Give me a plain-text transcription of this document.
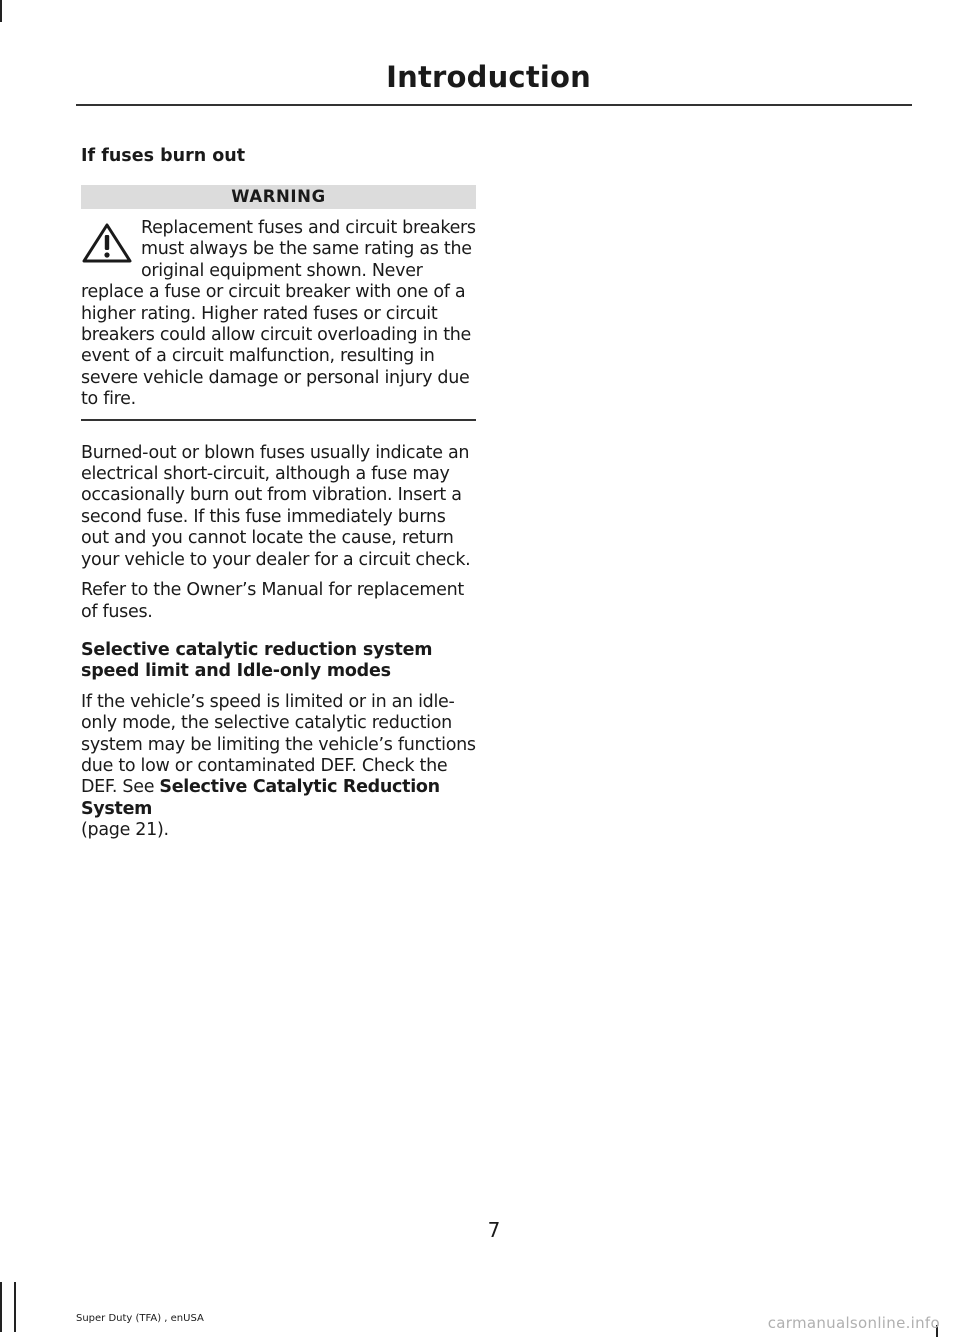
Introduction
If fuses burn out
WARNING
Replacement fuses and circuit breakers must always be the same rating as the original equipment shown. Never replace a fuse or circuit breaker with one of a higher rating. Higher rated fuses or circuit breakers could allow circuit overloading in the event of a circuit malfunction, resulting in severe vehicle damage or personal injury due to fire.

Burned-out or blown fuses usually indicate an electrical short-circuit, although a fuse may occasionally burn out from vibration. Insert a second fuse. If this fuse immediately burns out and you cannot locate the cause, return your vehicle to your dealer for a circuit check.

Refer to the Owner’s Manual for replacement of fuses.

Selective catalytic reduction system speed limit and Idle-only modes

If the vehicle’s speed is limited or in an idle-only mode, the selective catalytic reduction system may be limiting the vehicle’s functions due to low or contaminated DEF. Check the DEF. See Selective Catalytic Reduction System
(page 21).

7
Super Duty (TFA) , enUSA	carmanualsonline.info
